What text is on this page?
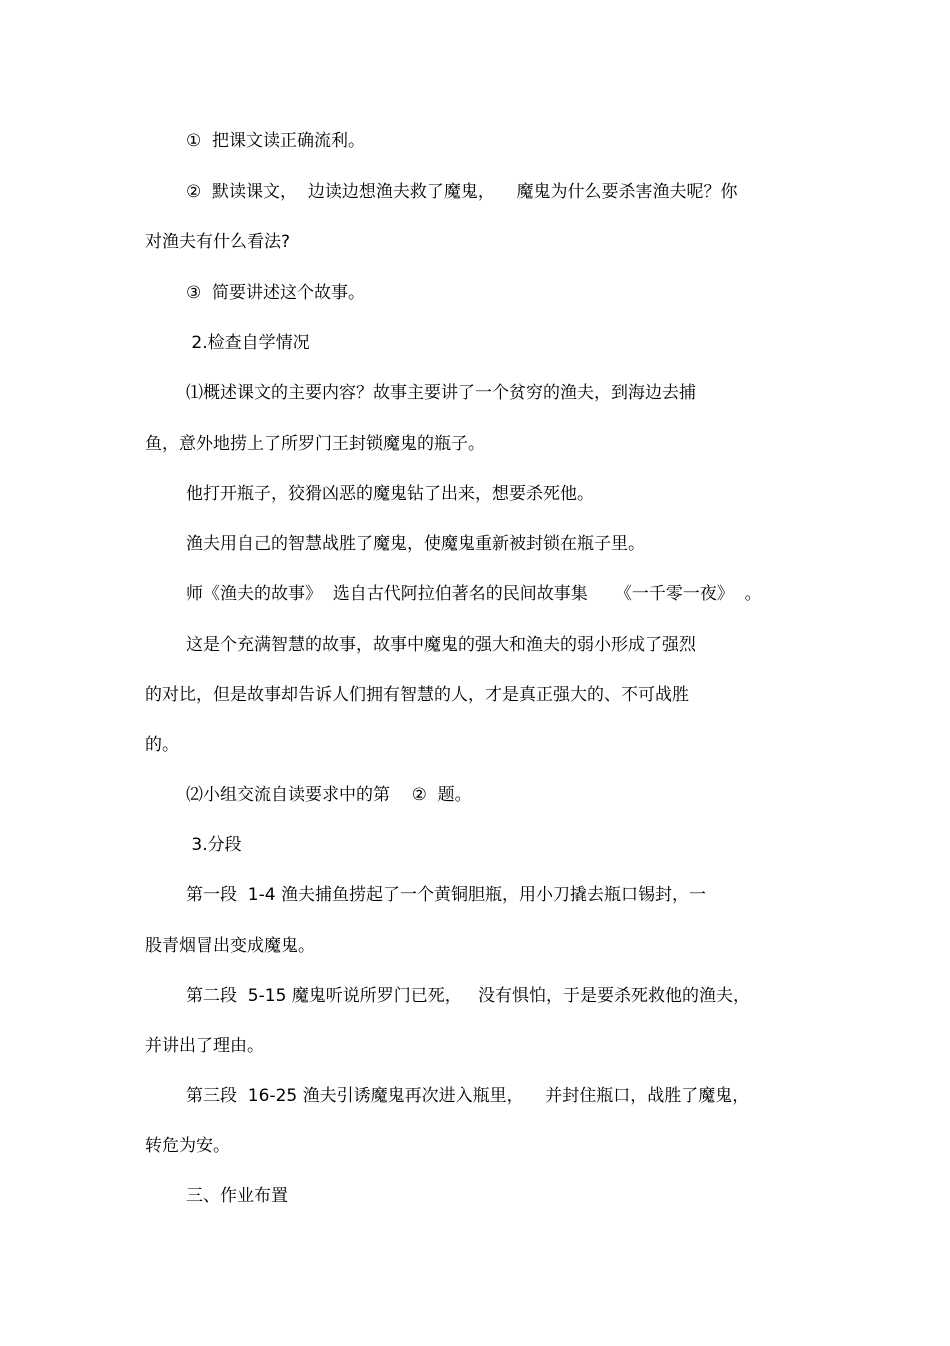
①  把课文读正确流利。
②  默读课文，  边读边想渔夫救了魔鬼，    魔鬼为什么要杀害渔夫呢？你
对渔夫有什么看法?
③  简要讲述这个故事。
2.检查自学情况
⑴概述课文的主要内容？故事主要讲了一个贫穷的渔夫，到海边去捕
鱼，意外地捞上了所罗门王封锁魔鬼的瓶子。
他打开瓶子，狡猾凶恶的魔鬼钻了出来，想要杀死他。
渔夫用自己的智慧战胜了魔鬼，使魔鬼重新被封锁在瓶子里。
师《渔夫的故事》  选自古代阿拉伯著名的民间故事集     《一千零一夜》  。
这是个充满智慧的故事，故事中魔鬼的强大和渔夫的弱小形成了强烈
的对比，但是故事却告诉人们拥有智慧的人，才是真正强大的、不可战胜
的。
⑵小组交流自读要求中的第    ②  题。
3.分段
第一段  1-4 渔夫捕鱼捞起了一个黄铜胆瓶，用小刀撬去瓶口锡封，一
股青烟冒出变成魔鬼。
第二段  5-15 魔鬼听说所罗门已死，   没有惧怕，于是要杀死救他的渔夫，
并讲出了理由。
第三段  16-25 渔夫引诱魔鬼再次进入瓶里，    并封住瓶口，战胜了魔鬼，
转危为安。
三、作业布置
